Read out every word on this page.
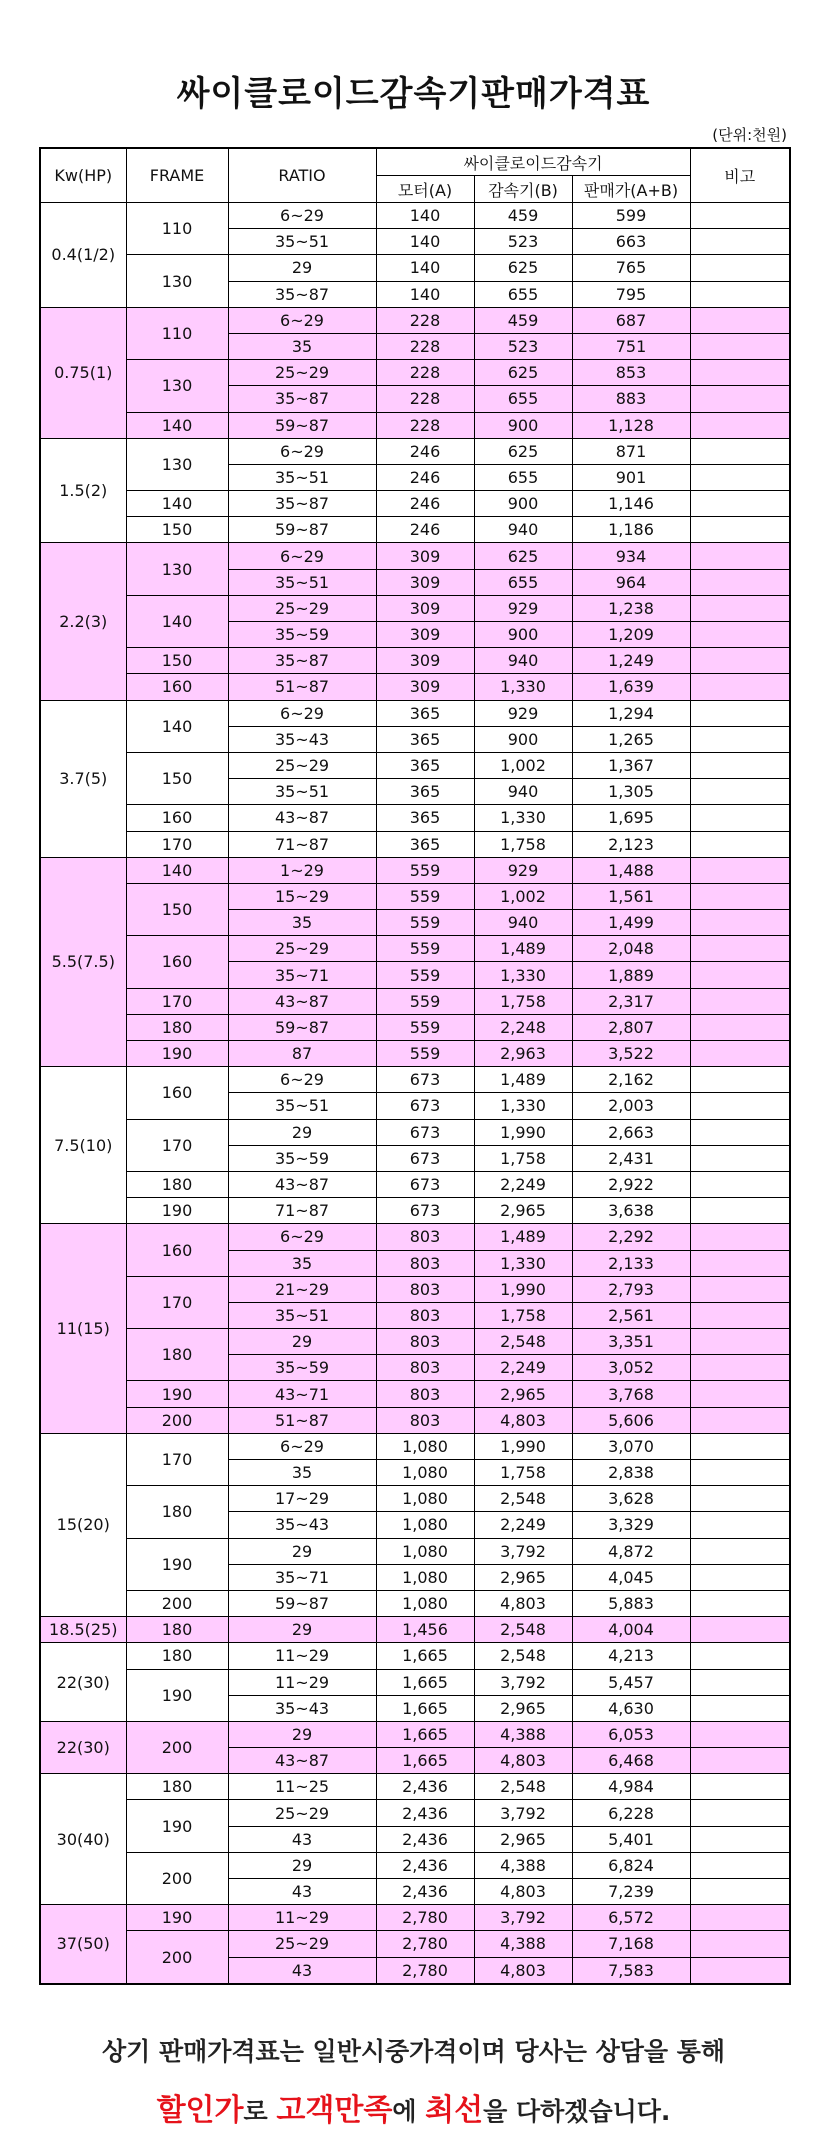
싸이클로이드감속기판매가격표
(단위:천원)
Kw(HP)	FRAME	RATIO	싸이클로이드감속기			비고
			모터(A)	감속기(B)	판매가(A+B)	
0.4(1/2)	110	6~29	140	459	599	
		35~51	140	523	663	
	130	29	140	625	765	
		35~87	140	655	795	
0.75(1)	110	6~29	228	459	687	
		35	228	523	751	
	130	25~29	228	625	853	
		35~87	228	655	883	
	140	59~87	228	900	1,128	
1.5(2)	130	6~29	246	625	871	
		35~51	246	655	901	
	140	35~87	246	900	1,146	
	150	59~87	246	940	1,186	
2.2(3)	130	6~29	309	625	934	
		35~51	309	655	964	
	140	25~29	309	929	1,238	
		35~59	309	900	1,209	
	150	35~87	309	940	1,249	
	160	51~87	309	1,330	1,639	
3.7(5)	140	6~29	365	929	1,294	
		35~43	365	900	1,265	
	150	25~29	365	1,002	1,367	
		35~51	365	940	1,305	
	160	43~87	365	1,330	1,695	
	170	71~87	365	1,758	2,123	
5.5(7.5)	140	1~29	559	929	1,488	
	150	15~29	559	1,002	1,561	
		35	559	940	1,499	
	160	25~29	559	1,489	2,048	
		35~71	559	1,330	1,889	
	170	43~87	559	1,758	2,317	
	180	59~87	559	2,248	2,807	
	190	87	559	2,963	3,522	
7.5(10)	160	6~29	673	1,489	2,162	
		35~51	673	1,330	2,003	
	170	29	673	1,990	2,663	
		35~59	673	1,758	2,431	
	180	43~87	673	2,249	2,922	
	190	71~87	673	2,965	3,638	
11(15)	160	6~29	803	1,489	2,292	
		35	803	1,330	2,133	
	170	21~29	803	1,990	2,793	
		35~51	803	1,758	2,561	
	180	29	803	2,548	3,351	
		35~59	803	2,249	3,052	
	190	43~71	803	2,965	3,768	
	200	51~87	803	4,803	5,606	
15(20)	170	6~29	1,080	1,990	3,070	
		35	1,080	1,758	2,838	
	180	17~29	1,080	2,548	3,628	
		35~43	1,080	2,249	3,329	
	190	29	1,080	3,792	4,872	
		35~71	1,080	2,965	4,045	
	200	59~87	1,080	4,803	5,883	
18.5(25)	180	29	1,456	2,548	4,004	
22(30)	180	11~29	1,665	2,548	4,213	
	190	11~29	1,665	3,792	5,457	
		35~43	1,665	2,965	4,630	
22(30)	200	29	1,665	4,388	6,053	
		43~87	1,665	4,803	6,468	
30(40)	180	11~25	2,436	2,548	4,984	
	190	25~29	2,436	3,792	6,228	
		43	2,436	2,965	5,401	
	200	29	2,436	4,388	6,824	
		43	2,436	4,803	7,239	
37(50)	190	11~29	2,780	3,792	6,572	
	200	25~29	2,780	4,388	7,168	
		43	2,780	4,803	7,583	
상기 판매가격표는 일반시중가격이며 당사는 상담을 통해
할인가로 고객만족에 최선을 다하겠습니다.
